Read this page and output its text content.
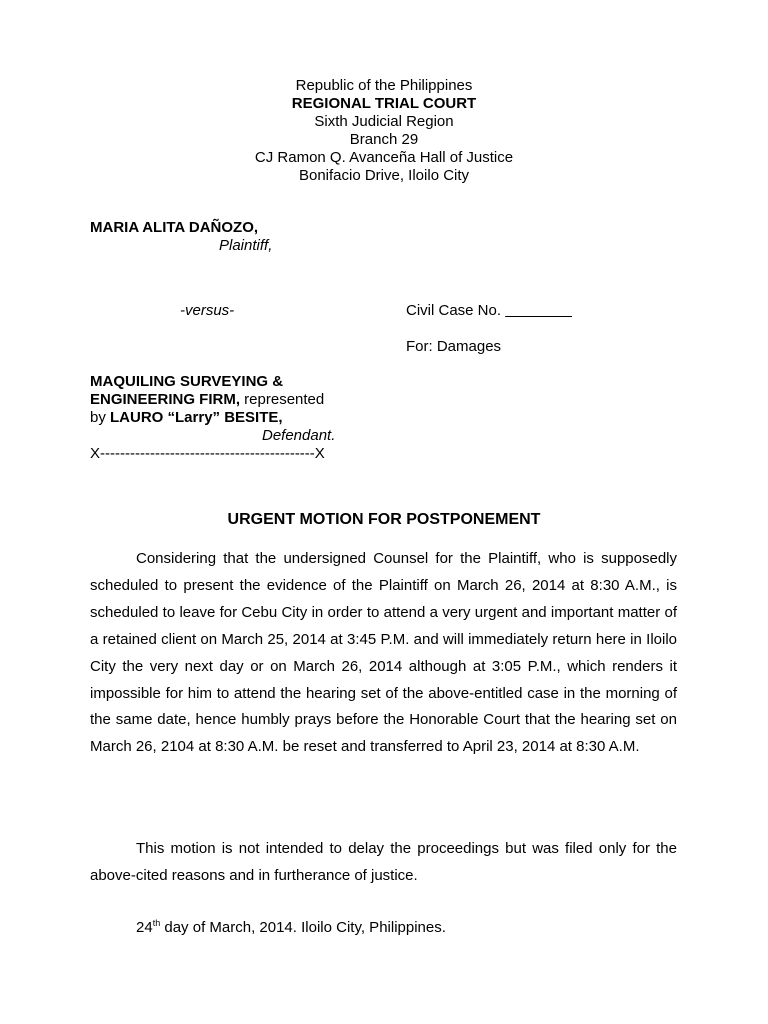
Republic of the Philippines
REGIONAL TRIAL COURT
Sixth Judicial Region
Branch 29
CJ Ramon Q. Avanceña Hall of Justice
Bonifacio Drive, Iloilo City
MARIA ALITA DAÑOZO,
Plaintiff,
-versus-	Civil Case No. ________
For: Damages
MAQUILING SURVEYING &
ENGINEERING FIRM, represented
by LAURO “Larry” BESITE,
Defendant.
X-------------------------------------------X
URGENT MOTION FOR POSTPONEMENT
Considering that the undersigned Counsel for the Plaintiff, who is supposedly scheduled to present the evidence of the Plaintiff on March 26, 2014 at 8:30 A.M., is scheduled to leave for Cebu City in order to attend a very urgent and important matter of a retained client on March 25, 2014 at 3:45 P.M. and will immediately return here in Iloilo City the very next day or on March 26, 2014 although at 3:05 P.M., which renders it impossible for him to attend the hearing set of the above-entitled case in the morning of the same date, hence humbly prays before the Honorable Court that the hearing set on March 26, 2104 at 8:30 A.M. be reset and transferred to April 23, 2014 at 8:30 A.M.
This motion is not intended to delay the proceedings but was filed only for the above-cited reasons and in furtherance of justice.
24th day of March, 2014. Iloilo City, Philippines.
